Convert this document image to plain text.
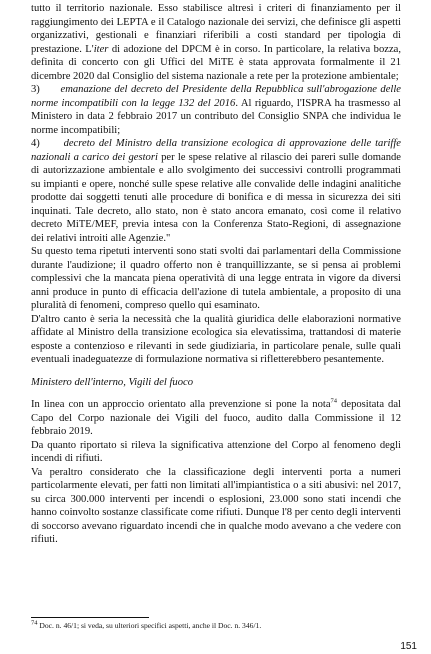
tutto il territorio nazionale. Esso stabilisce altresì i criteri di finanziamento per il raggiungimento dei LEPTA e il Catalogo nazionale dei servizi, che definisce gli aspetti organizzativi, gestionali e finanziari riferibili a costi standard per tipologia di prestazione. L'iter di adozione del DPCM è in corso. In particolare, la relativa bozza, definita di concerto con gli Uffici del MiTE è stata approvata formalmente il 21 dicembre 2020 dal Consiglio del sistema nazionale a rete per la protezione ambientale;

3) emanazione del decreto del Presidente della Repubblica sull'abrogazione delle norme incompatibili con la legge 132 del 2016. Al riguardo, l'ISPRA ha trasmesso al Ministero in data 2 febbraio 2017 un contributo del Consiglio SNPA che individua le norme incompatibili;

4) decreto del Ministro della transizione ecologica di approvazione delle tariffe nazionali a carico dei gestori per le spese relative al rilascio dei pareri sulle domande di autorizzazione ambientale e allo svolgimento dei successivi controlli programmati su impianti e opere, nonché sulle spese relative alle convalide delle indagini analitiche prodotte dai soggetti tenuti alle procedure di bonifica e di messa in sicurezza dei siti inquinati. Tale decreto, allo stato, non è stato ancora emanato, così come il relativo decreto MiTE/MEF, previa intesa con la Conferenza Stato-Regioni, di assegnazione dei relativi introiti alle Agenzie."

Su questo tema ripetuti interventi sono stati svolti dai parlamentari della Commissione durante l'audizione; il quadro offerto non è tranquillizzante, se si pensa ai problemi complessivi che la mancata piena operatività di una legge entrata in vigore da diversi anni produce in punto di efficacia dell'azione di tutela ambientale, a proposito di una pluralità di fenomeni, compreso quello qui esaminato.

D'altro canto è seria la necessità che la qualità giuridica delle elaborazioni normative affidate al Ministro della transizione ecologica sia elevatissima, trattandosi di materie esposte a contenzioso e rilevanti in sede giudiziaria, in particolare penale, sulle quali eventuali inadeguatezze di formulazione normativa si rifletterebbero pesantemente.

Ministero dell'interno, Vigili del fuoco

In linea con un approccio orientato alla prevenzione si pone la nota$^{74}$ depositata dal Capo del Corpo nazionale dei Vigili del fuoco, audito dalla Commissione il 12 febbraio 2019.

Da quanto riportato si rileva la significativa attenzione del Corpo al fenomeno degli incendi di rifiuti.

Va peraltro considerato che la classificazione degli interventi porta a numeri particolarmente elevati, per fatti non limitati all'impiantistica o a siti abusivi: nel 2017, su circa 300.000 interventi per incendi o esplosioni, 23.000 sono stati incendi che hanno coinvolto sostanze classificate come rifiuti. Dunque l'8 per cento degli interventi di soccorso avevano riguardato incendi che in qualche modo avevano a che vedere con rifiuti.

$^{74}$ Doc. n. 46/1; si veda, su ulteriori specifici aspetti, anche il Doc. n. 346/1.
151
